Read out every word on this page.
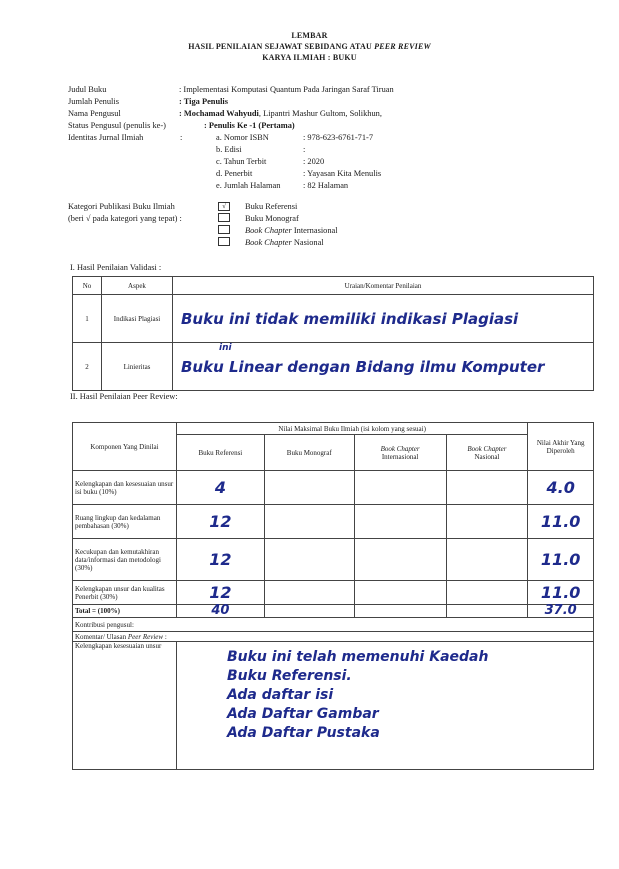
LEMBAR
HASIL PENILAIAN SEJAWAT SEBIDANG ATAU PEER REVIEW
KARYA ILMIAH : BUKU
Judul Buku	: Implementasi Komputasi Quantum Pada Jaringan Saraf Tiruan
Jumlah Penulis	: Tiga Penulis
Nama Pengusul	: Mochamad Wahyudi, Lipantri Mashur Gultom, Solikhun,
Status Pengusul (penulis ke-)	: Penulis Ke -1 (Pertama)
Identitas Jurnal Ilmiah	:	a. Nomor ISBN	: 978-623-6761-71-7
b. Edisi	:
c. Tahun Terbit	: 2020
d. Penerbit	: Yayasan Kita Menulis
e. Jumlah Halaman	: 82 Halaman
Kategori Publikasi Buku Ilmiah
(beri √ pada kategori yang tepat) :
√	Buku Referensi
Buku Monograf
Book Chapter Internasional
Book Chapter Nasional
I. Hasil Penilaian Validasi :
No	Aspek	Uraian/Komentar Penilaian
1	Indikasi Plagiasi	Buku ini tidak memiliki indikasi Plagiasi
2	Linieritas	ini
Buku Linear dengan Bidang ilmu Komputer
II. Hasil Penilaian Peer Review:
Komponen Yang Dinilai	Nilai Maksimal Buku Ilmiah (isi kolom yang sesuai)				Nilai Akhir Yang Diperoleh
	Buku Referensi	Buku Monograf	Book Chapter
Internasional	Book Chapter
Nasional	
Kelengkapan dan kesesuaian unsur isi buku (10%)	4				4.0
Ruang lingkup dan kedalaman pembahasan (30%)	12				11.0
Kecukupan dan kemutakhiran data/informasi dan metodologi (30%)	12				11.0
Kelengkapan unsur dan kualitas Penerbit (30%)	12				11.0
Total = (100%)	40				37.0
Kontribusi pengusul:					
Komentar/ Ulasan Peer Review :					
Kelengkapan kesesuaian unsur	Buku ini telah memenuhi Kaedah
Buku Referensi.
Ada daftar isi
Ada Daftar Gambar
Ada Daftar Pustaka				
